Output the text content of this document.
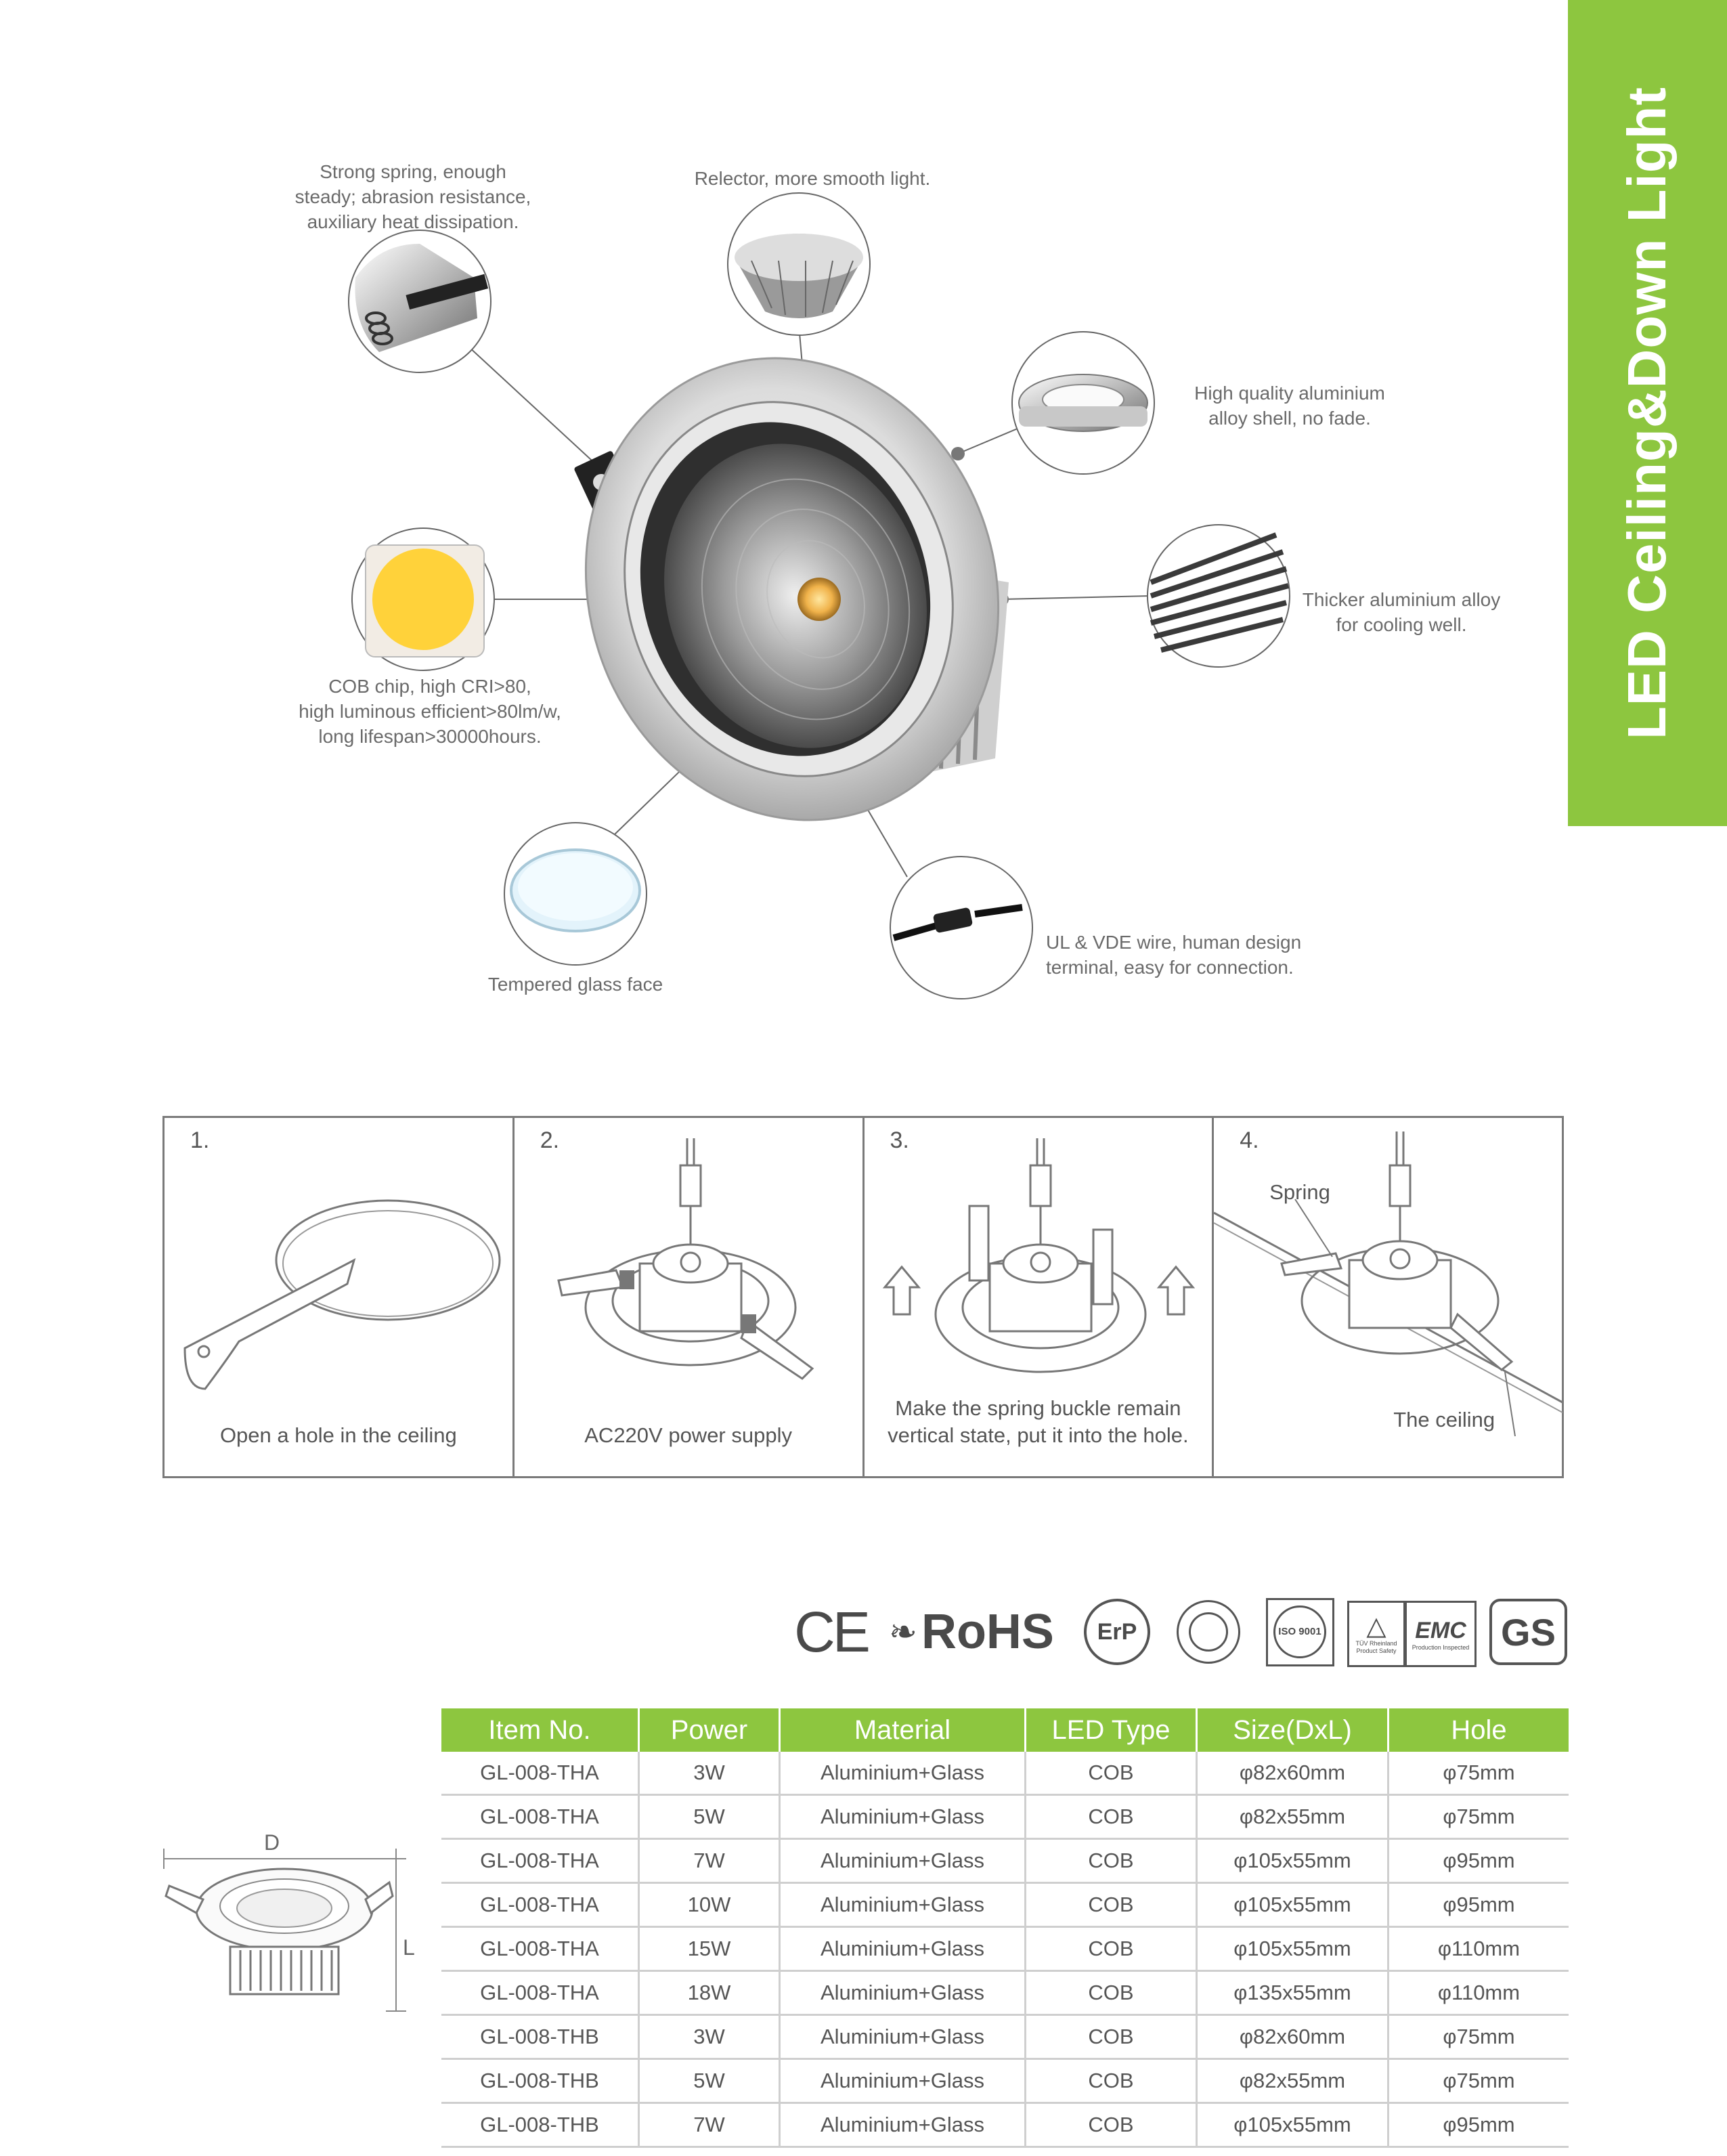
LED Ceiling&Down Light
Strong spring, enough
steady; abrasion resistance,
auxiliary heat dissipation.
Relector, more smooth light.
High quality aluminium
alloy shell, no fade.
Thicker aluminium alloy
for cooling well.
COB chip, high CRI>80,
high luminous efficient>80lm/w,
long lifespan>30000hours.
Tempered glass face
UL & VDE wire, human design
terminal, easy for connection.
1.
Open a hole in the ceiling
2.
AC220V power supply
3.
Make the spring buckle remain
vertical state, put it into the hole.
4.
Spring
The ceiling
CE ❧ RoHS ErP	ISO 9001 △
TÜV Rheinland Product Safety
EMC
Production Inspected GS
D
L
Item No.	Power	Material	LED Type	Size(DxL)	Hole
GL-008-THA	3W	Aluminium+Glass	COB	φ82x60mm	φ75mm
GL-008-THA	5W	Aluminium+Glass	COB	φ82x55mm	φ75mm
GL-008-THA	7W	Aluminium+Glass	COB	φ105x55mm	φ95mm
GL-008-THA	10W	Aluminium+Glass	COB	φ105x55mm	φ95mm
GL-008-THA	15W	Aluminium+Glass	COB	φ105x55mm	φ110mm
GL-008-THA	18W	Aluminium+Glass	COB	φ135x55mm	φ110mm
GL-008-THB	3W	Aluminium+Glass	COB	φ82x60mm	φ75mm
GL-008-THB	5W	Aluminium+Glass	COB	φ82x55mm	φ75mm
GL-008-THB	7W	Aluminium+Glass	COB	φ105x55mm	φ95mm
